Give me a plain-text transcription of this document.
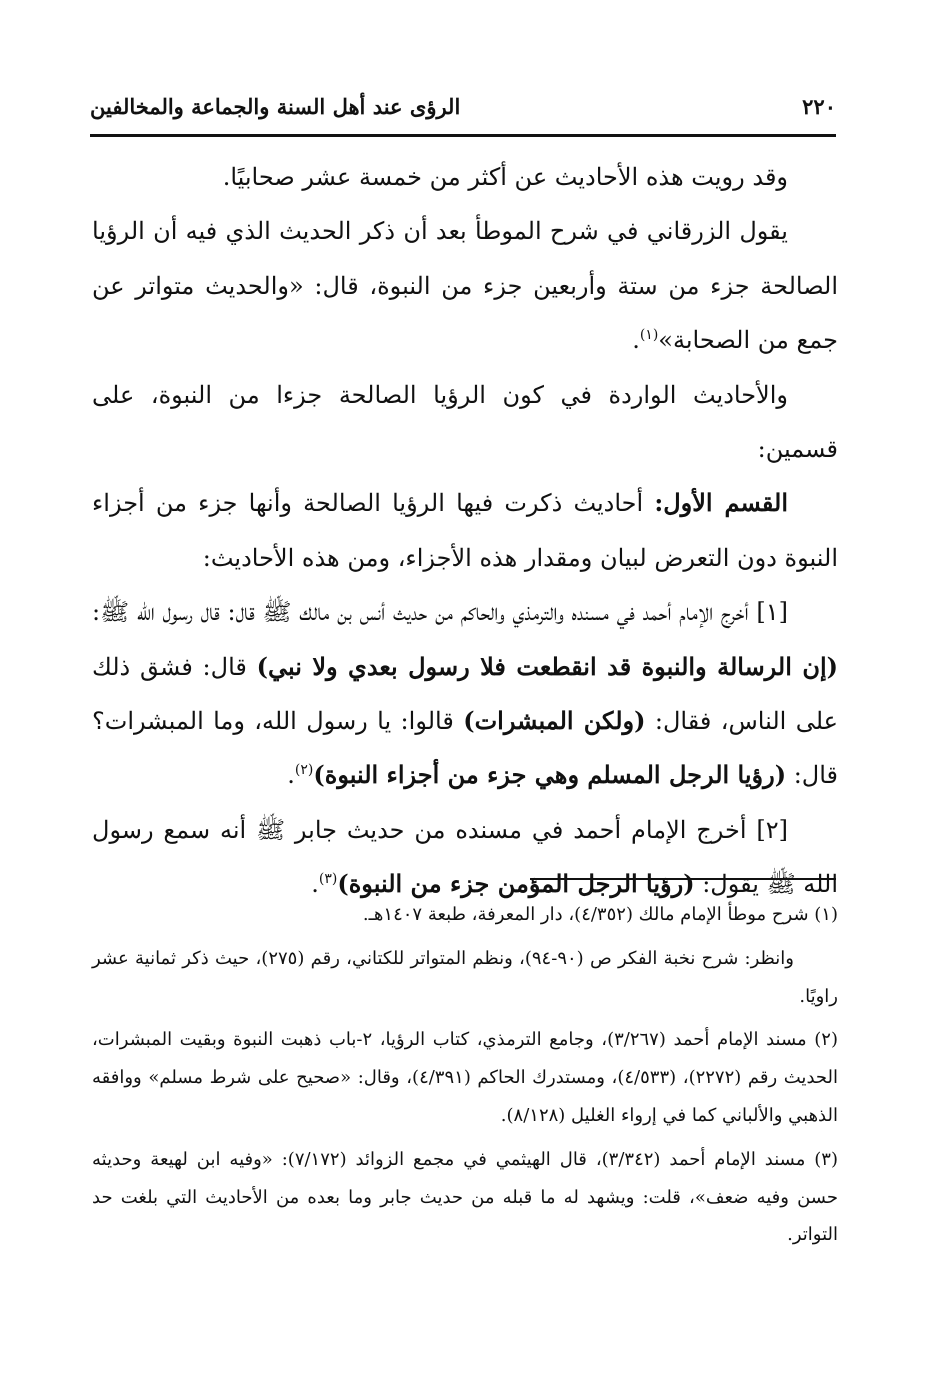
٢٢٠
الرؤى عند أهل السنة والجماعة والمخالفين

وقد رويت هذه الأحاديث عن أكثر من خمسة عشر صحابيًا.

يقول الزرقاني في شرح الموطأ بعد أن ذكر الحديث الذي فيه أن الرؤيا الصالحة جزء من ستة وأربعين جزء من النبوة، قال: «والحديث متواتر عن جمع من الصحابة»$^{(١)}$.

والأحاديث الواردة في كون الرؤيا الصالحة جزءا من النبوة، على قسمين:

القسم الأول: أحاديث ذكرت فيها الرؤيا الصالحة وأنها جزء من أجزاء النبوة دون التعرض لبيان ومقدار هذه الأجزاء، ومن هذه الأحاديث:

[١] أخرج الإمام أحمد في مسنده والترمذي والحاكم من حديث أنس بن مالك ﷺ قال: قال رسول الله ﷺ: (إن الرسالة والنبوة قد انقطعت فلا رسول بعدي ولا نبي) قال: فشق ذلك على الناس، فقال: (ولكن المبشرات) قالوا: يا رسول الله، وما المبشرات؟ قال: (رؤيا الرجل المسلم وهي جزء من أجزاء النبوة)$^{(٢)}$.

[٢] أخرج الإمام أحمد في مسنده من حديث جابر ﷺ أنه سمع رسول الله ﷺ يقول: (رؤيا الرجل المؤمن جزء من النبوة)$^{(٣)}$.

(١) شرح موطأ الإمام مالك (٤/٣٥٢)، دار المعرفة، طبعة ١٤٠٧هـ.

وانظر: شرح نخبة الفكر ص (٩٠-٩٤)، ونظم المتواتر للكتاني، رقم (٢٧٥)، حيث ذكر ثمانية عشر راويًا.

(٢) مسند الإمام أحمد (٣/٢٦٧)، وجامع الترمذي، كتاب الرؤيا، ٢-باب ذهبت النبوة وبقيت المبشرات، الحديث رقم (٢٢٧٢)، (٤/٥٣٣)، ومستدرك الحاكم (٤/٣٩١)، وقال: «صحيح على شرط مسلم» ووافقه الذهبي والألباني كما في إرواء الغليل (٨/١٢٨).

(٣) مسند الإمام أحمد (٣/٣٤٢)، قال الهيثمي في مجمع الزوائد (٧/١٧٢): «وفيه ابن لهيعة وحديثه حسن وفيه ضعف»، قلت: ويشهد له ما قبله من حديث جابر وما بعده من الأحاديث التي بلغت حد التواتر.
